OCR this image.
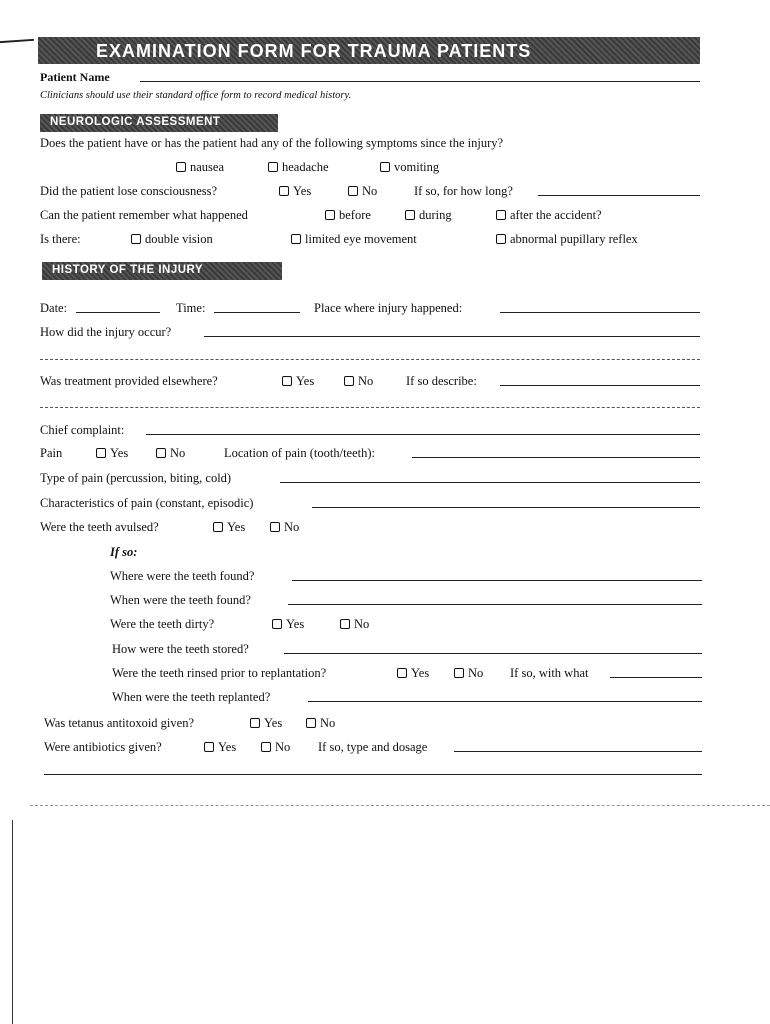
EXAMINATION FORM FOR TRAUMA PATIENTS
Patient Name
Clinicians should use their standard office form to record medical history.
NEUROLOGIC ASSESSMENT
Does the patient have or has the patient had any of the following symptoms since the injury?
nausea	headache	vomiting
Did the patient lose consciousness?	Yes	No	If so, for how long?
Can the patient remember what happened	before	during	after the accident?
Is there:	double vision	limited eye movement	abnormal pupillary reflex
HISTORY OF THE INJURY
Date:	Time:	Place where injury happened:
How did the injury occur?
Was treatment provided elsewhere?	Yes	No	If so describe:
Chief complaint:
Pain	Yes	No	Location of pain (tooth/teeth):
Type of pain (percussion, biting, cold)
Characteristics of pain (constant, episodic)
Were the teeth avulsed?	Yes	No
If so:
Where were the teeth found?
When were the teeth found?
Were the teeth dirty?	Yes	No
How were the teeth stored?
Were the teeth rinsed prior to replantation?	Yes	No If so, with what
When were the teeth replanted?
Was tetanus antitoxoid given?	Yes	No
Were antibiotics given?	Yes	No If so, type and dosage
